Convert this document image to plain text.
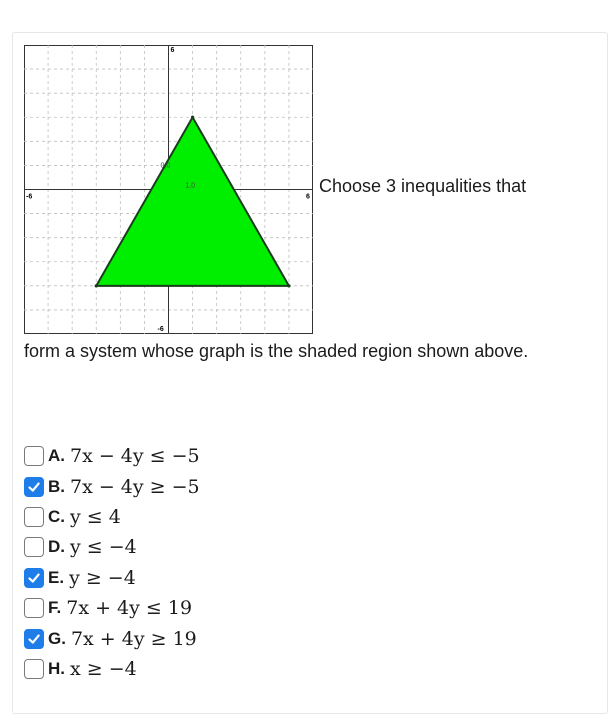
-6	6
6
-6
0,0
1,0	Choose 3 inequalities that
form a system whose graph is the shaded region shown above.
A. 7x − 4y ≤ −5
B. 7x − 4y ≥ −5
C. y ≤ 4
D. y ≤ −4
E. y ≥ −4
F. 7x + 4y ≤ 19
G. 7x + 4y ≥ 19
H. x ≥ −4
